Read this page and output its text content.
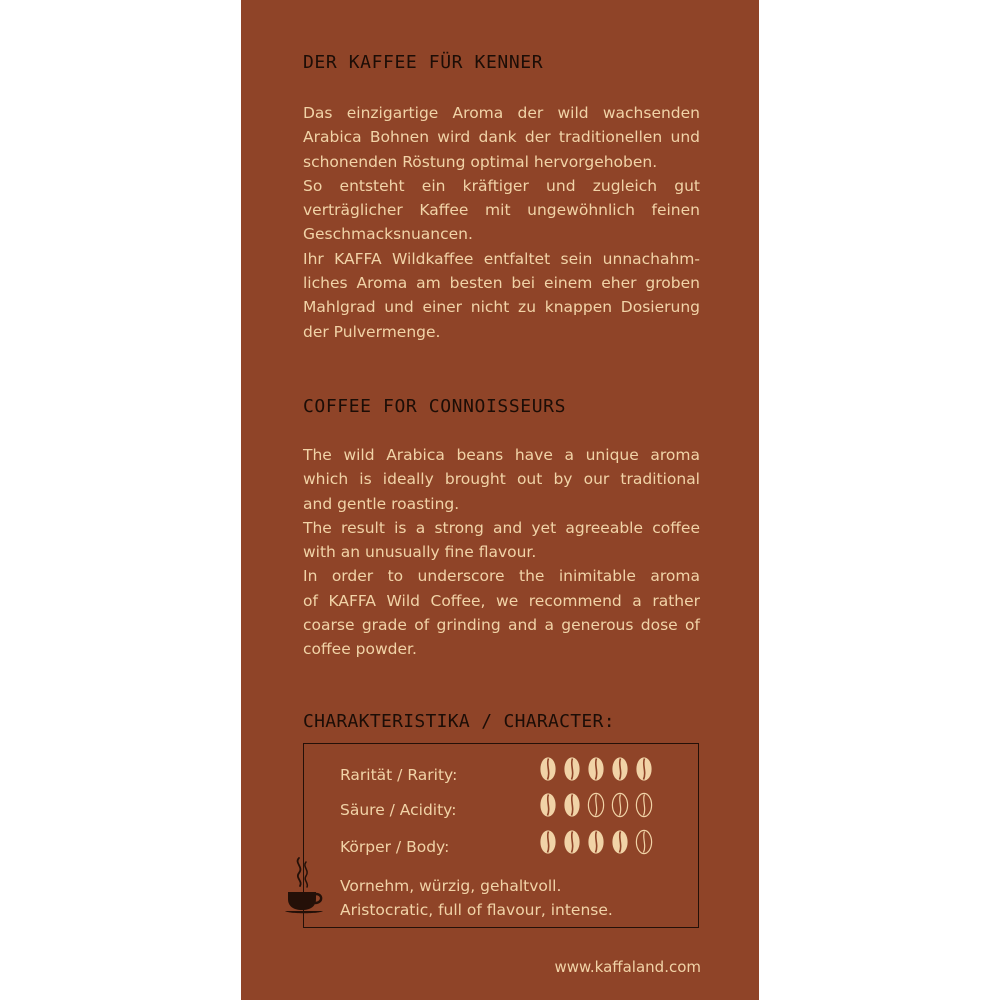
DER KAFFEE FÜR KENNER
Das einzigartige Aroma der wild wachsenden
Arabica Bohnen wird dank der traditionellen und
schonenden Röstung optimal hervorgehoben.
So entsteht ein kräftiger und zugleich gut
verträglicher Kaffee mit ungewöhnlich feinen
Geschmacksnuancen.
Ihr KAFFA Wildkaffee entfaltet sein unnachahm-
liches Aroma am besten bei einem eher groben
Mahlgrad und einer nicht zu knappen Dosierung
der Pulvermenge.
COFFEE FOR CONNOISSEURS
The wild Arabica beans have a unique aroma
which is ideally brought out by our traditional
and gentle roasting.
The result is a strong and yet agreeable coffee
with an unusually fine flavour.
In order to underscore the inimitable aroma
of KAFFA Wild Coffee, we recommend a rather
coarse grade of grinding and a generous dose of
coffee powder.
CHARAKTERISTIKA / CHARACTER:
Rarität / Rarity:
Säure / Acidity:
Körper / Body:
Vornehm, würzig, gehaltvoll.
Aristocratic, full of flavour, intense.
www.kaffaland.com
